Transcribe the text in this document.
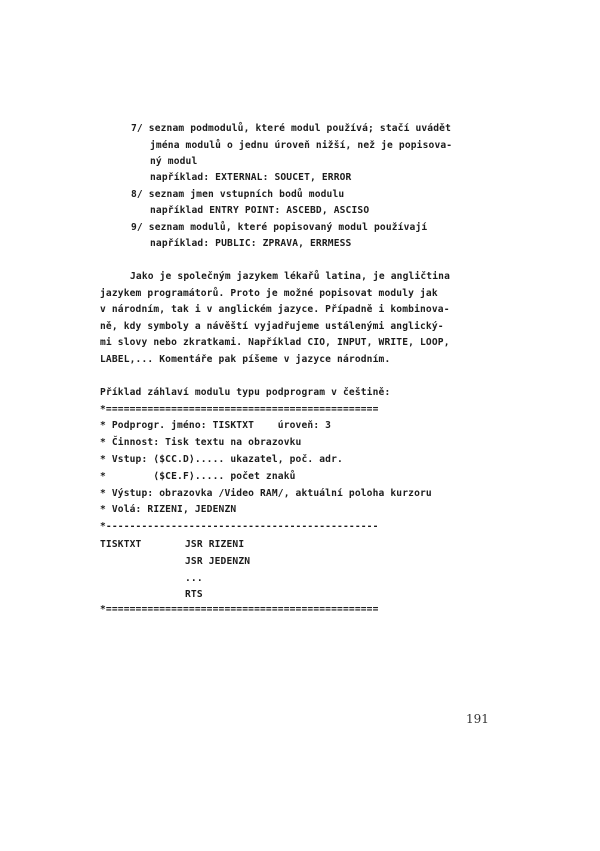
7/ seznam podmodulů, které modul používá; stačí uvádět
jména modulů o jednu úroveň nižší, než je popisova-
ný modul
například: EXTERNAL: SOUCET, ERROR
8/ seznam jmen vstupních bodů modulu
například ENTRY POINT: ASCEBD, ASCISO
9/ seznam modulů, které popisovaný modul používají
například: PUBLIC: ZPRAVA, ERRMESS
Jako je společným jazykem lékařů latina, je angličtina
jazykem programátorů. Proto je možné popisovat moduly jak
v národním, tak i v anglickém jazyce. Případně i kombinova-
ně, kdy symboly a návěští vyjadřujeme ustálenými anglický-
mi slovy nebo zkratkami. Například CIO, INPUT, WRITE, LOOP,
LABEL,... Komentáře pak píšeme v jazyce národním.
Příklad záhlaví modulu typu podprogram v češtině:
*==============================================
* Podprogr. jméno: TISKTXT    úroveň: 3
* Činnost: Tisk textu na obrazovku
* Vstup: ⟨$CC.D⟩..... ukazatel, poč. adr.
*        ⟨$CE.F⟩..... počet znaků
* Výstup: obrazovka /Video RAM/, aktuální poloha kurzoru
* Volá: RIZENI, JEDENZN
*----------------------------------------------
TISKTXT	JSR RIZENI
JSR JEDENZN
...
RTS
*==============================================
191
